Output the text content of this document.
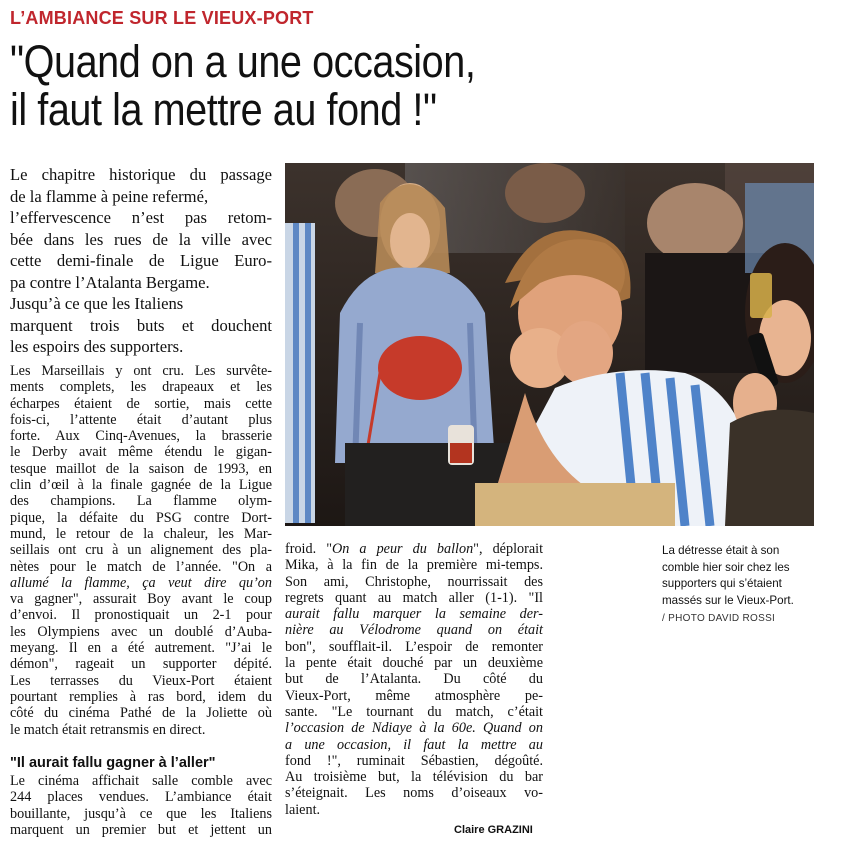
L’AMBIANCE SUR LE VIEUX-PORT
"Quand on a une occasion,
il faut la mettre au fond !"
Le chapitre historique du passage
de la flamme à peine refermé,
l’effervescence n’est pas retom-
bée dans les rues de la ville avec
cette demi-finale de Ligue Euro-
pa contre l’Atalanta Bergame.
Jusqu’à ce que les Italiens
marquent trois buts et douchent
les espoirs des supporters.
Les Marseillais y ont cru. Les survête-
ments complets, les drapeaux et les
écharpes étaient de sortie, mais cette
fois-ci, l’attente était d’autant plus
forte. Aux Cinq-Avenues, la brasserie
le Derby avait même étendu le gigan-
tesque maillot de la saison de 1993, en
clin d’œil à la finale gagnée de la Ligue
des champions. La flamme olym-
pique, la défaite du PSG contre Dort-
mund, le retour de la chaleur, les Mar-
seillais ont cru à un alignement des pla-
nètes pour le match de l’année. "On a
allumé la flamme, ça veut dire qu’on
va gagner", assurait Boy avant le coup
d’envoi. Il pronostiquait un 2-1 pour
les Olympiens avec un doublé d’Auba-
meyang. Il en a été autrement. "J’ai le
démon", rageait un supporter dépité.
Les terrasses du Vieux-Port étaient
pourtant remplies à ras bord, idem du
côté du cinéma Pathé de la Joliette où
le match était retransmis en direct.
"Il aurait fallu gagner à l’aller"
Le cinéma affichait salle comble avec
244 places vendues. L’ambiance était
bouillante, jusqu’à ce que les Italiens
marquent un premier but et jettent un
froid. "On a peur du ballon", déplorait
Mika, à la fin de la première mi-temps.
Son ami, Christophe, nourrissait des
regrets quant au match aller (1-1). "Il
aurait fallu marquer la semaine der-
nière au Vélodrome quand on était
bon", soufflait-il. L’espoir de remonter
la pente était douché par un deuxième
but de l’Atalanta. Du côté du
Vieux-Port, même atmosphère pe-
sante. "Le tournant du match, c’était
l’occasion de Ndiaye à la 60e. Quand on
a une occasion, il faut la mettre au
fond !", ruminait Sébastien, dégoûté.
Au troisième but, la télévision du bar
s’éteignait. Les noms d’oiseaux vo-
laient.
La détresse était à son
comble hier soir chez les
supporters qui s’étaient
massés sur le Vieux-Port.
/ PHOTO DAVID ROSSI
Claire GRAZINI
